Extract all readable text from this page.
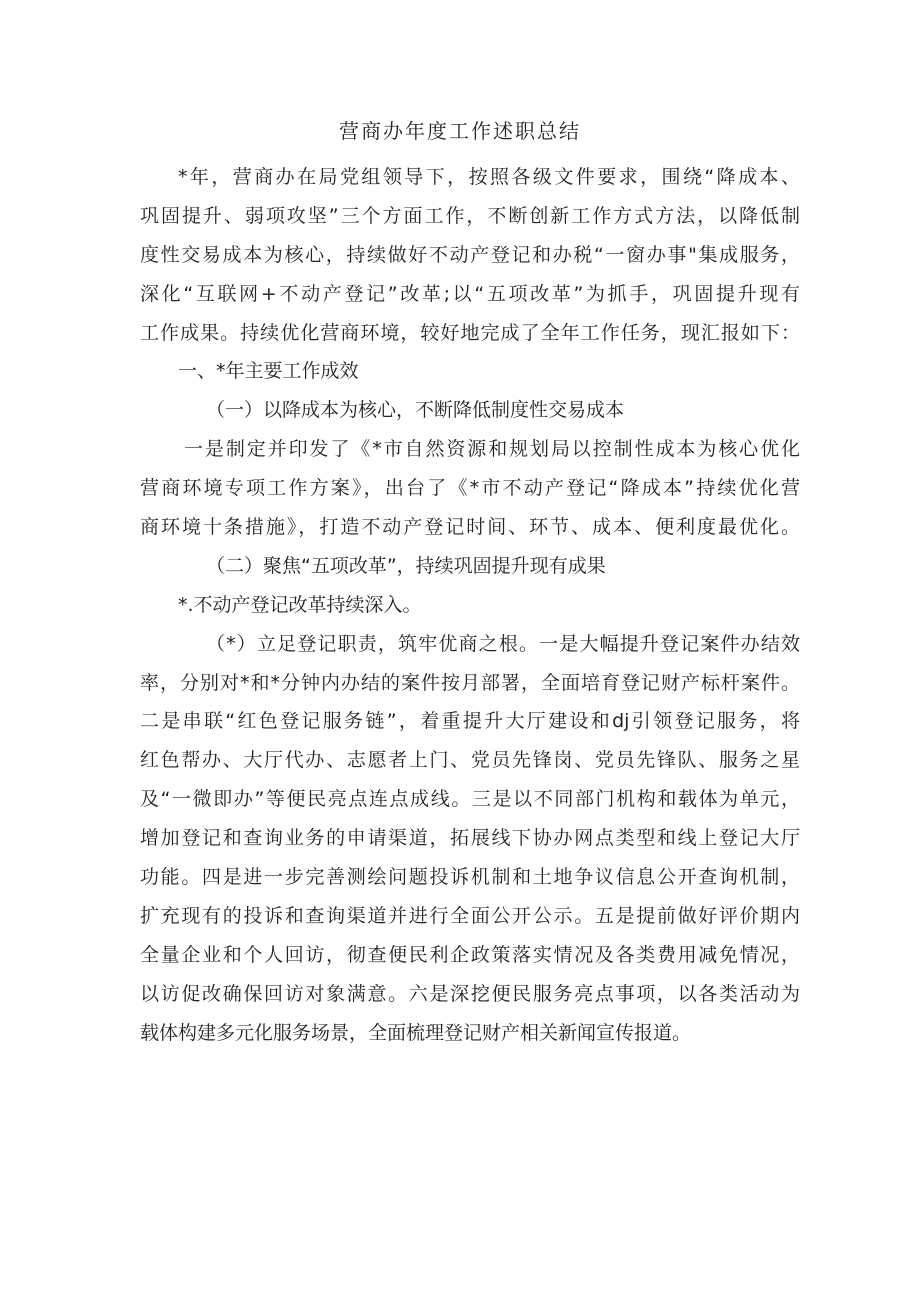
营商办年度工作述职总结
*年，营商办在局党组领导下，按照各级文件要求，围绕“降成本、
巩固提升、弱项攻坚”三个方面工作，不断创新工作方式方法，以降低制
度性交易成本为核心，持续做好不动产登记和办税“一窗办事"集成服务，
深化“互联网+不动产登记”改革;以“五项改革”为抓手，巩固提升现有
工作成果。持续优化营商环境，较好地完成了全年工作任务，现汇报如下：
一、*年主要工作成效
（一）以降成本为核心，不断降低制度性交易成本
一是制定并印发了《*市自然资源和规划局以控制性成本为核心优化
营商环境专项工作方案》，出台了《*市不动产登记“降成本”持续优化营
商环境十条措施》，打造不动产登记时间、环节、成本、便利度最优化。
（二）聚焦“五项改革”，持续巩固提升现有成果
*.不动产登记改革持续深入。
（*）立足登记职责，筑牢优商之根。一是大幅提升登记案件办结效
率，分别对*和*分钟内办结的案件按月部署，全面培育登记财产标杆案件。
二是串联“红色登记服务链”，着重提升大厅建设和dj引领登记服务，将
红色帮办、大厅代办、志愿者上门、党员先锋岗、党员先锋队、服务之星
及“一微即办”等便民亮点连点成线。三是以不同部门机构和载体为单元，
增加登记和查询业务的申请渠道，拓展线下协办网点类型和线上登记大厅
功能。四是进一步完善测绘问题投诉机制和土地争议信息公开查询机制，
扩充现有的投诉和查询渠道并进行全面公开公示。五是提前做好评价期内
全量企业和个人回访，彻查便民利企政策落实情况及各类费用减免情况，
以访促改确保回访对象满意。六是深挖便民服务亮点事项，以各类活动为
载体构建多元化服务场景，全面梳理登记财产相关新闻宣传报道。
